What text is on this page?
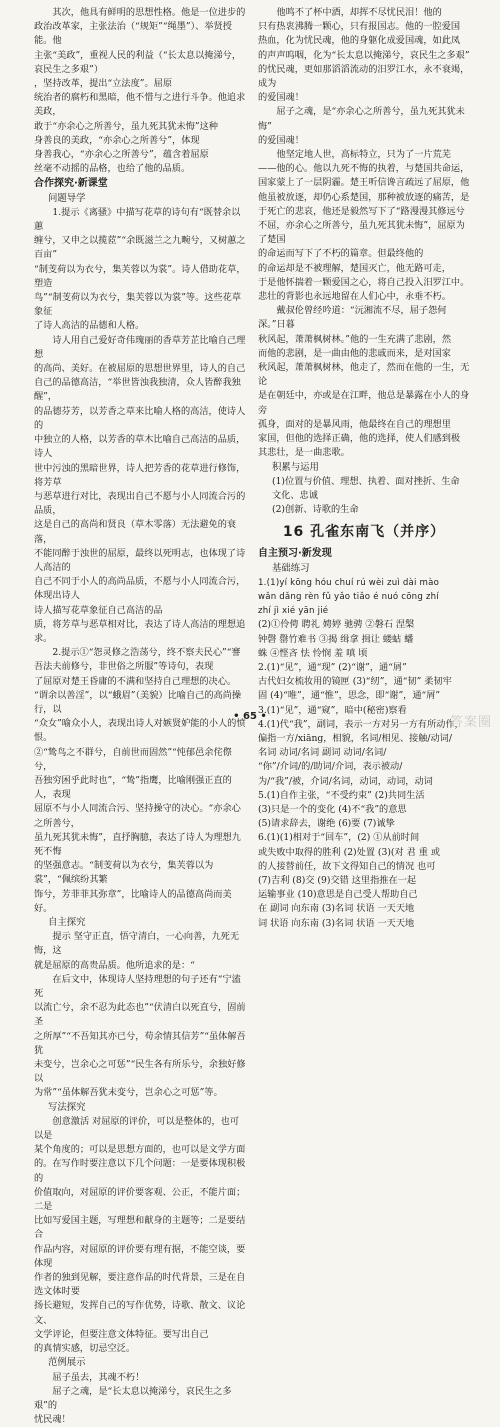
其次，他具有鲜明的思想性格。他是一位进步的

政治改革家，主张法治（“规矩”“绳墨”）、举贤授能。他

主张“美政”，重视人民的利益（“长太息以掩涕兮，哀民生之多艰”）

，坚持改革，提出“立法度”。屈原

统治者的腐朽和黑暗，他不惜与之进行斗争。他追求美政，

敢于“亦余心之所善兮，虽九死其犹未悔”这种

身善良的美政，“亦余心之所善兮”，体现

身善我心，“亦余心之所善兮”，蕴含着屈原

丝毫不动摇的品格，也给了他的品质。

合作探究·新课堂

问题导学

1.提示《离骚》中描写花草的诗句有“既替余以蕙

缠兮，又申之以揽茝”“余既滋兰之九畹兮，又树蕙之百亩”

“制芰荷以为衣兮，集芙蓉以为裳”。诗人借助花草，塑造

鸟”“制芰荷以为衣兮，集芙蓉以为裳”等。这些花草象征

了诗人高洁的品德和人格。

诗人用自己爱好奇伟瑰丽的香草芳芷比喻自己理想

的高尚、美好。在被屈原的思想世界里，诗人的自己

自己的品德高洁，“举世皆浊我独清，众人皆醉我独醒”，

的品德芬芳，以芳香之草来比喻人格的高洁，使诗人的

中独立的人格，以芳香的草木比喻自己高洁的品质，诗人

世中污浊的黑暗世界，诗人把芳香的花草进行修饰，将芳草

与恶草进行对比，表现出自己不愿与小人同流合污的品质，

这是自己的高尚和贤良（草木零落）无法避免的衰落，

不能同醉于浊世的屈原，最终以死明志，也体现了诗人高洁的

自己不同于小人的高尚品质，不愿与小人同流合污，体现出诗人

诗人描写花草象征自己高洁的品

质，将芳草与恶草相对比，表达了诗人高洁的理想追求。

2.提示①“怨灵修之浩荡兮，终不察夫民心”“謇

吾法夫前修兮，非世俗之所服”等诗句，表现

了屈原对楚王昏庸的不满和坚持自己理想的决心。

“谓余以善淫”，以“蛾眉”（美貌）比喻自己的高尚操行，以

“众女”喻众小人，表现出诗人对嫉贤妒能的小人的愤恨。

②“鸷鸟之不群兮，自前世而固然”“忳郁邑余侘傺兮，

吾独穷困乎此时也”，“鸷”指鹰，比喻刚强正直的人，表现

屈原不与小人同流合污、坚持操守的决心。“亦余心之所善兮，

虽九死其犹未悔”，直抒胸臆，表达了诗人为理想九死不悔

的坚强意志。“制芰荷以为衣兮，集芙蓉以为裳”，“佩缤纷其繁

饰兮，芳菲菲其弥章”，比喻诗人的品德高尚而美好。

自主探究

提示 坚守正直，悟守清白，一心向善，九死无悔，这

就是屈原的高贵品质。他所追求的是：“

在后文中，体现诗人坚持理想的句子还有“宁溘死

以流亡兮，余不忍为此态也”“伏清白以死直兮，固前圣

之所厚”“不吾知其亦已兮，苟余情其信芳”“虽体解吾犹

未变兮，岂余心之可惩”“民生各有所乐兮，余独好修以

为常”“虽体解吾犹未变兮，岂余心之可惩”等。

写法探究

创意激活 对屈原的评价，可以是整体的，也可以是

某个角度的；可以是思想方面的，也可以是文学方面

的。在写作时要注意以下几个问题：一是要体现积极的

价值取向，对屈原的评价要客观、公正，不能片面；二是

比如写爱国主题，写理想和献身的主题等；二是要结合

作品内容，对屈原的评价要有理有据，不能空谈，要体现

作者的独到见解，要注意作品的时代背景，三是在自选文体时要

扬长避短，发挥自己的写作优势，诗歌、散文、议论文、

文学评论，但要注意文体特征。要写出自己

的真情实感，切忌空泛。

范例展示

屈子虽去，其魂不朽！

屈子之魂，是“长太息以掩涕兮，哀民生之多艰”的

忧民魂！

他鸣不了杯中酒，却挥不尽忧民泪！他的

只有热衷沸腾一颗心，只有报国志。他的一腔爱国

热血，化为忧民魂，他的身躯化成爱国魂，如此凤

的声声呜咽，化为“长太息以掩涕兮，哀民生之多艰”

的忧民魂，更如那滔滔流动的汨罗江水，永不衰竭，成为

的爱国魂！

屈子之魂，是“亦余心之所善兮，虽九死其犹未悔”

的爱国魂！

他坚定地人世，高标特立，只为了一片荒芜

——他的心。他以九死不悔的执着，与楚国共命运，

国家蒙上了一层阴霾。楚王听信谗言疏远了屈原，他

他虽被放逐，却仍心系楚国，那种被放逐的痛苦，是

于死亡的悲哀，他还是毅然写下了“路漫漫其修远兮

不屈，亦余心之所善兮，虽九死其犹未悔”，屈原为了楚国

的命运而写下了不朽的篇章。但最终他的

的命运却是不被理解，楚国灭亡，他无路可走，

于是他怀揣着一颗爱国之心，将自己投入汨罗江中。

悲壮的背影也永远地留在人们心中，永垂不朽。

戴叔伦曾经吟道：“沅湘流不尽，屈子怨何深。”日暮

秋风起，萧萧枫树林。”他的一生充满了悲剧，然

而他的悲剧，是一曲由他的悲戚而来，是对国家

秋风起，萧萧枫树林，他走了，然而在他的一生，无论

是在朝廷中，亦或是在江畔，他总是暴露在小人的身旁

孤身，面对的是暴风雨，他最终在自己的理想里

家国，但他的选择正确，他的选择，使人们感到极

其悲壮，是一曲悲歌。

积累与运用

(1)位置与价值、理想、执着、面对挫折、生命

文化、忠诚

(2)创新、诗歌的生命

16 孔雀东南飞（并序）

自主预习·新发现

基础练习

1.(1)yí kōng hóu chuí rú wèi zuì dài mào

wǎn dǎng rèn fǔ yǎo tiǎo é nuó cōng zhí

zhí jì xié yān jié

(2)①伶俜 聘礼 娉婷 驰骋 ②磐石 涅槃

钟磬 罄竹难书 ③揭 缉拿 揖让 蝼蛄 蟠

蛛 ④悭吝 怯 怜悯 羞 嗔 顷

2.(1)“见”，通“现” (2)“谢”，通“屑”

古代妇女梳妆用的镜匣 (3)“纫”，通“韧” 柔韧牢

固 (4)“唯”，通“惟”，思念，即“谢”，通“屑”

3.(1)“见”，通“窥”，暗中(秘密)察看

4.(1)代“我”，副词，表示一方对另一方有所动作，

偏指一方/xiāng，相貌，名词/相见、接触/动词/

名词 动词/名词 副词 动词/名词/

“你”/介词/的/助词/介词，表示被动/

为/“我”/被，介词/名词，动词，动词，动词

5.(1)自作主张，“不受约束” (2)共同生活

(3)只是一个的变化 (4)不“我”的意思

(5)请求辞去，谢绝 (6)要 (7)诚挚

6.(1)(1)相对于“回车”，(2) ①从前时间

或失败中取得的胜利 (2)处置 (3)(对 君 重 或

的人接替前任，故下文得知自己的情况 也可

(7)吉利 (8)交 (9)交错 这里指推在一起

运输事业 (10)意思是自己受人帮助自己

在 副词 向东南 (3)名词 状语 一天天地

词 状语 向东南 (3)名词 状语 一天天地

• 65 •	答案圈
